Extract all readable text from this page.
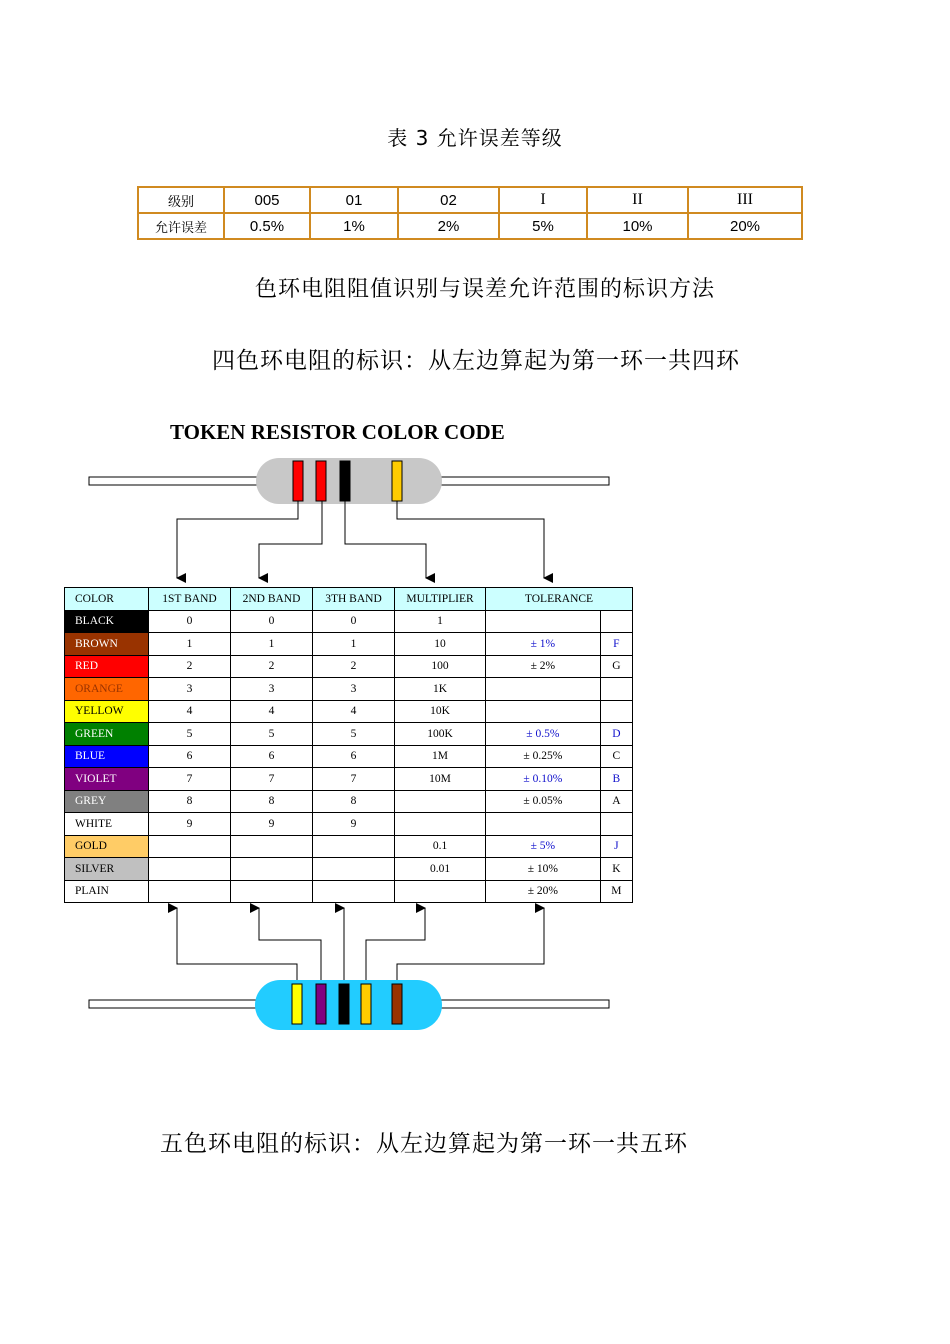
表 3 允许误差等级
级别	005	01	02	I	II	III
允许误差	0.5%	1%	2%	5%	10%	20%
色环电阻阻值识别与误差允许范围的标识方法
四色环电阻的标识：从左边算起为第一环一共四环
TOKEN RESISTOR COLOR CODE
COLOR	1ST BAND	2ND BAND	3TH BAND	MULTIPLIER	TOLERANCE	
BLACK	0	0	0	1		
BROWN	1	1	1	10	± 1%	F
RED	2	2	2	100	± 2%	G
ORANGE	3	3	3	1K		
YELLOW	4	4	4	10K		
GREEN	5	5	5	100K	± 0.5%	D
BLUE	6	6	6	1M	± 0.25%	C
VIOLET	7	7	7	10M	± 0.10%	B
GREY	8	8	8		± 0.05%	A
WHITE	9	9	9			
GOLD				0.1	± 5%	J
SILVER				0.01	± 10%	K
PLAIN					± 20%	M
五色环电阻的标识：从左边算起为第一环一共五环
